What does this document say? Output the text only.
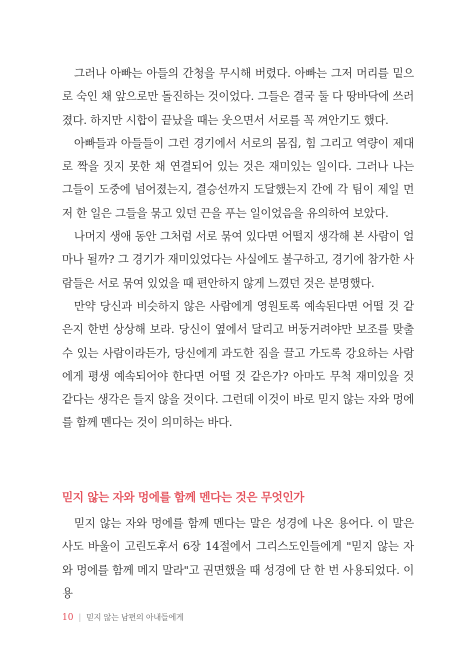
그러나 아빠는 아들의 간청을 무시해 버렸다. 아빠는 그저 머리를 밑으로 숙인 채 앞으로만 돌진하는 것이었다. 그들은 결국 둘 다 땅바닥에 쓰러졌다. 하지만 시합이 끝났을 때는 웃으면서 서로를 꼭 껴안기도 했다.

아빠들과 아들들이 그런 경기에서 서로의 몸집, 힘 그리고 역량이 제대로 짝을 짓지 못한 채 연결되어 있는 것은 재미있는 일이다. 그러나 나는 그들이 도중에 넘어졌는지, 결승선까지 도달했는지 간에 각 팀이 제일 먼저 한 일은 그들을 묶고 있던 끈을 푸는 일이었음을 유의하여 보았다.

나머지 생애 동안 그처럼 서로 묶여 있다면 어떨지 생각해 본 사람이 얼마나 될까? 그 경기가 재미있었다는 사실에도 불구하고, 경기에 참가한 사람들은 서로 묶여 있었을 때 편안하지 않게 느꼈던 것은 분명했다.

만약 당신과 비슷하지 않은 사람에게 영원토록 예속된다면 어떨 것 같은지 한번 상상해 보라. 당신이 옆에서 달리고 버둥거려야만 보조를 맞출 수 있는 사람이라든가, 당신에게 과도한 짐을 끌고 가도록 강요하는 사람에게 평생 예속되어야 한다면 어떨 것 같은가? 아마도 무척 재미있을 것 같다는 생각은 들지 않을 것이다. 그런데 이것이 바로 믿지 않는 자와 멍에를 함께 멘다는 것이 의미하는 바다.

믿지 않는 자와 멍에를 함께 멘다는 것은 무엇인가

믿지 않는 자와 멍에를 함께 멘다는 말은 성경에 나온 용어다. 이 말은 사도 바울이 고린도후서 6장 14절에서 그리스도인들에게 "믿지 않는 자와 멍에를 함께 메지 말라"고 권면했을 때 성경에 단 한 번 사용되었다. 이 용

10 | 믿지 않는 남편의 아내들에게
